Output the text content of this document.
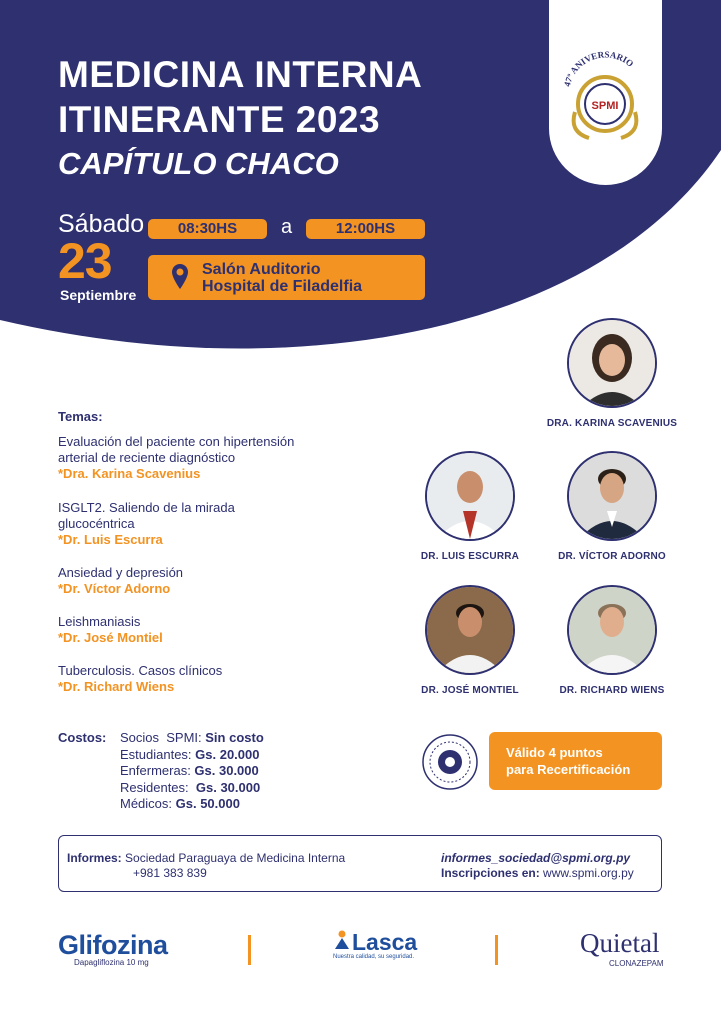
MEDICINA INTERNA
ITINERANTE 2023
CAPÍTULO CHACO
47º ANIVERSARIO
SPMI
Sábado
23
Septiembre
08:30HS	a	12:00HS
Salón Auditorio
Hospital de Filadelfia
Temas:
Evaluación del paciente con hipertensión
arterial de reciente diagnóstico
*Dra. Karina Scavenius
ISGLT2. Saliendo de la mirada
glucocéntrica
*Dr. Luis Escurra
Ansiedad y depresión
*Dr. Víctor Adorno
Leishmaniasis
*Dr. José Montiel
Tuberculosis. Casos clínicos
*Dr. Richard Wiens
DRA. KARINA SCAVENIUS
DR. LUIS ESCURRA	DR. VÍCTOR ADORNO
DR. JOSÉ MONTIEL	DR. RICHARD WIENS
Costos: Socios  SPMI: Sin costo
Estudiantes: Gs. 20.000
Enfermeras: Gs. 30.000
Residentes:  Gs. 30.000
Médicos: Gs. 50.000
Válido 4 puntos
para Recertificación
Informes: Sociedad Paraguaya de Medicina Interna
+981 383 839
informes_sociedad@spmi.org.py
Inscripciones en: www.spmi.org.py
Glifozina
Dapagliflozina 10 mg
Lasca
Nuestra calidad, su seguridad.	Quietal
CLONAZEPAM
